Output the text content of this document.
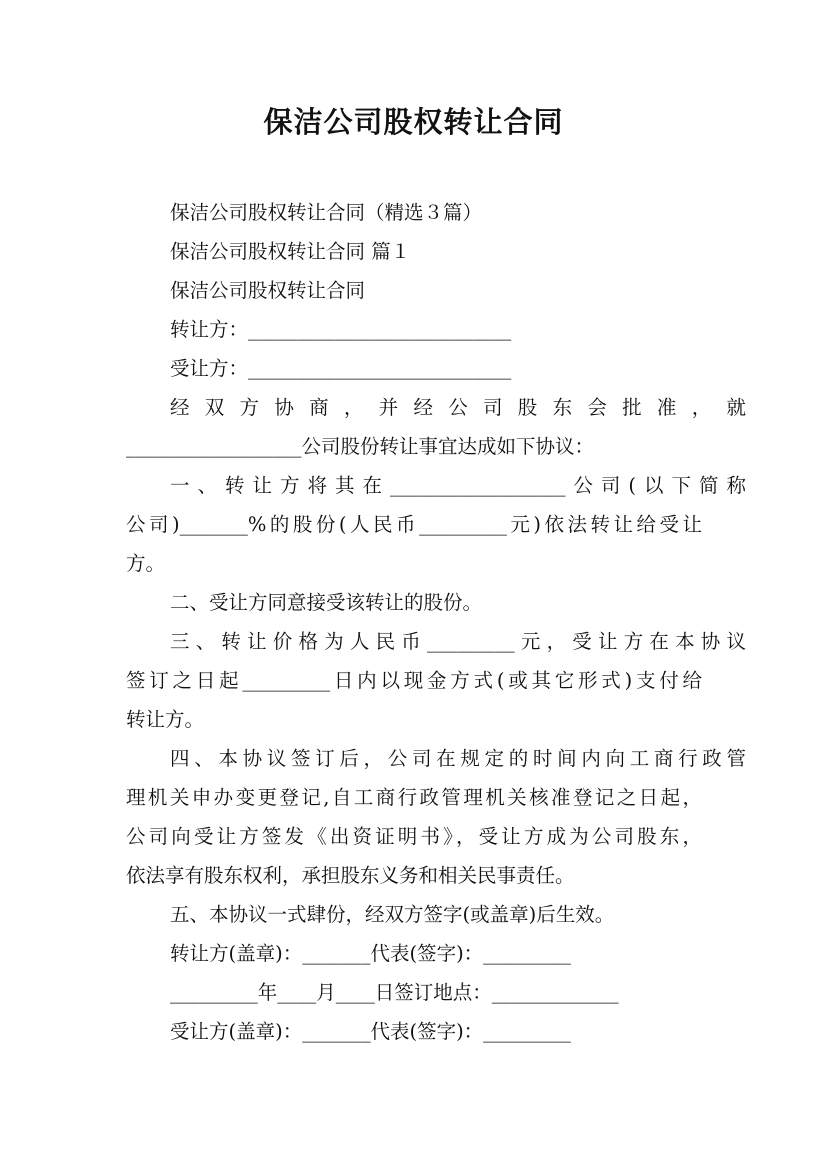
保洁公司股权转让合同
保洁公司股权转让合同（精选３篇）
保洁公司股权转让合同 篇１
保洁公司股权转让合同
转让方：___________________________
受让方：___________________________
经 双 方 协 商 ， 并 经 公 司 股 东 会 批 准 ， 就
__________________公司股份转让事宜达成如下协议：
一、转让方将其在__________________公司(以下简称
公司)_______%的股份(人民币_________元)依法转让给受让
方。
二、受让方同意接受该转让的股份。
三、转让价格为人民币_________元，受让方在本协议
签订之日起_________日内以现金方式(或其它形式)支付给
转让方。
四、本协议签订后，公司在规定的时间内向工商行政管
理机关申办变更登记,自工商行政管理机关核准登记之日起，
公司向受让方签发《出资证明书》，受让方成为公司股东，
依法享有股东权利，承担股东义务和相关民事责任。
五、本协议一式肆份，经双方签字(或盖章)后生效。
转让方(盖章)：_______代表(签字)：_________
_________年____月____日签订地点：_____________
受让方(盖章)：_______代表(签字)：_________
